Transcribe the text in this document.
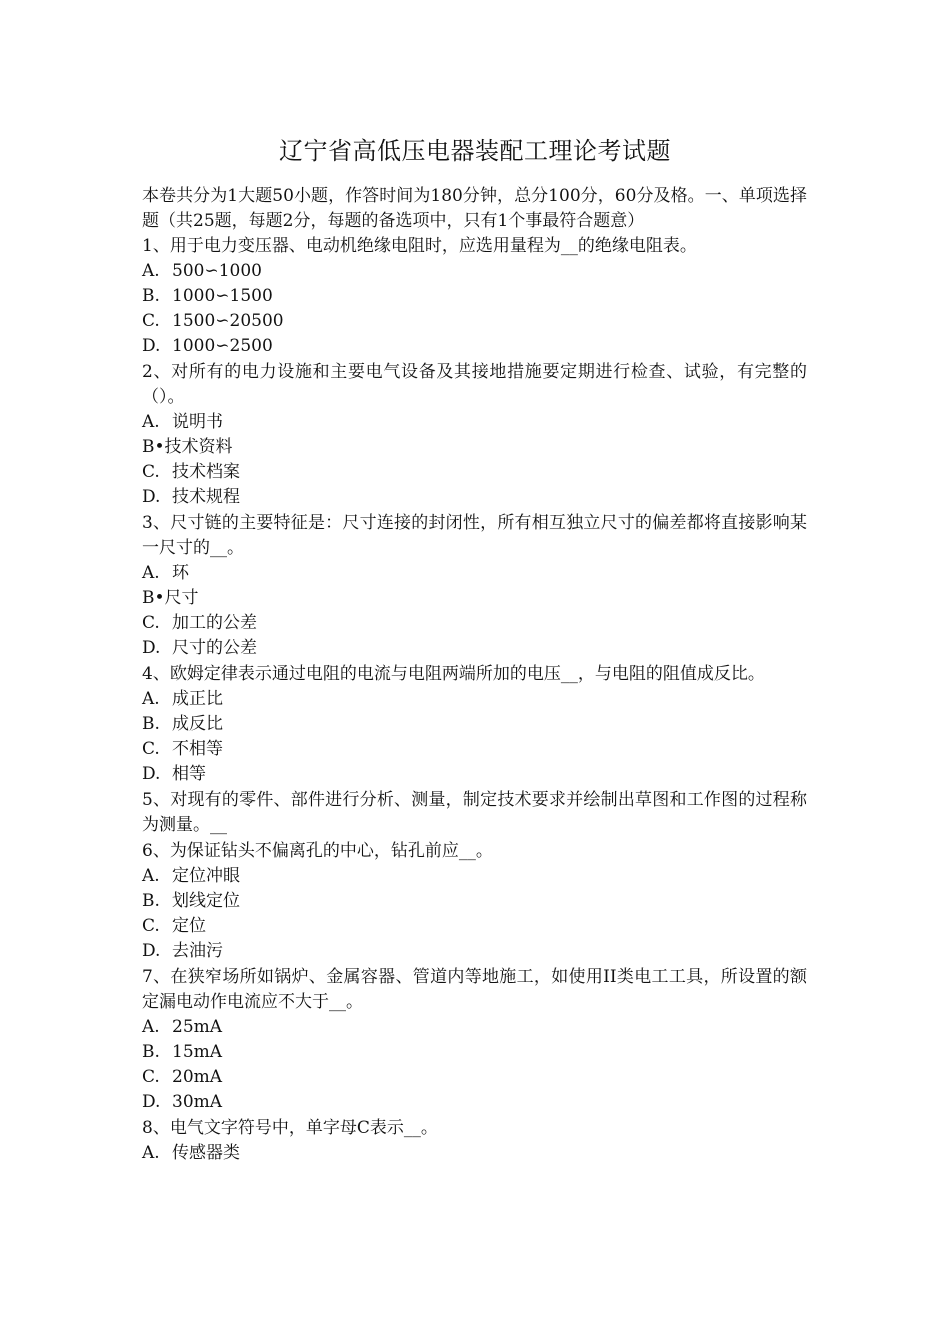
辽宁省高低压电器装配工理论考试题

本卷共分为1大题50小题，作答时间为180分钟，总分100分，60分及格。一、单项选择题（共25题，每题2分，每题的备选项中，只有1个事最符合题意）

1、用于电力变压器、电动机绝缘电阻时，应选用量程为__的绝缘电阻表。

A. 500∽1000

B. 1000∽1500

C. 1500∽20500

D. 1000∽2500

2、对所有的电力设施和主要电气设备及其接地措施要定期进行检查、试验，有完整的（）。

A. 说明书

B•技术资料

C. 技术档案

D. 技术规程

3、尺寸链的主要特征是：尺寸连接的封闭性，所有相互独立尺寸的偏差都将直接影响某一尺寸的__。

A. 环

B•尺寸

C. 加工的公差

D. 尺寸的公差

4、欧姆定律表示通过电阻的电流与电阻两端所加的电压__，与电阻的阻值成反比。

A. 成正比

B. 成反比

C. 不相等

D. 相等

5、对现有的零件、部件进行分析、测量，制定技术要求并绘制出草图和工作图的过程称为测量。__

6、为保证钻头不偏离孔的中心，钻孔前应__。

A. 定位冲眼

B. 划线定位

C. 定位

D. 去油污

7、在狭窄场所如锅炉、金属容器、管道内等地施工，如使用II类电工工具，所设置的额定漏电动作电流应不大于__。

A. 25mA

B. 15mA

C. 20mA

D. 30mA

8、电气文字符号中，单字母C表示__。

A. 传感器类
